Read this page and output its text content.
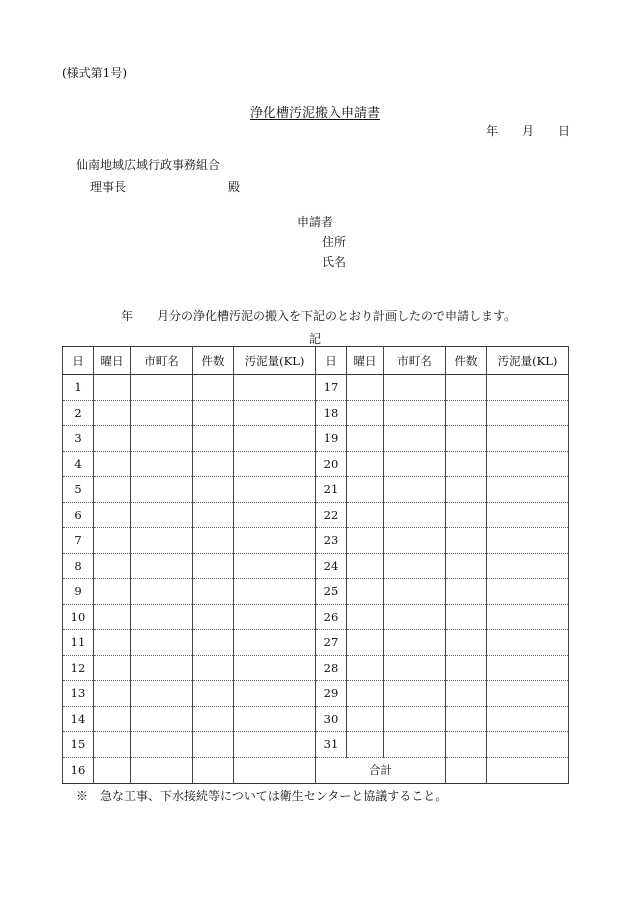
(様式第1号)
浄化槽汚泥搬入申請書
年　　月　　日
仙南地域広域行政事務組合
理事長	殿
申請者
住所
氏名
年　　月分の浄化槽汚泥の搬入を下記のとおり計画したので申請します。
記
日	曜日	市町名	件数	汚泥量(KL)	日	曜日	市町名	件数	汚泥量(KL)
1					17				
2					18				
3					19				
4					20				
5					21				
6					22				
7					23				
8					24				
9					25				
10					26				
11					27				
12					28				
13					29				
14					30				
15					31				
16					合計				
※　急な工事、下水接続等については衛生センターと協議すること。
